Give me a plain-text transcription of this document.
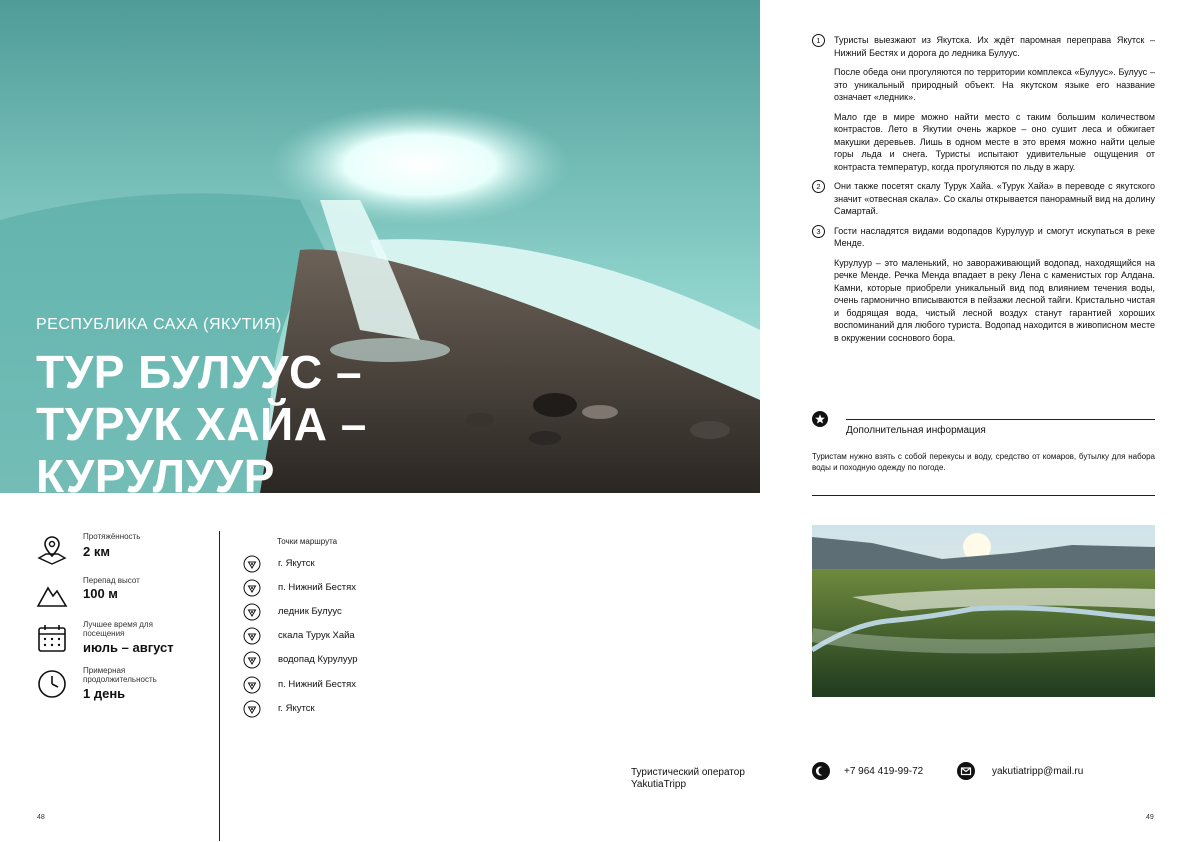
РЕСПУБЛИКА САХА (ЯКУТИЯ)
ТУР БУЛУУС –
ТУРУК ХАЙА –
КУРУЛУУР
Протяжённость
2 км
Перепад высот
100 м
Лучшее время для посещения
июль – август
Примерная продолжительность
1 день
Точки маршрута
г. Якутск
п. Нижний Бестях
ледник Булуус
скала Турук Хайа
водопад Курулуур
п. Нижний Бестях
г. Якутск
48	49
1	Туристы выезжают из Якутска. Их ждёт паромная переправа Якутск – Нижний Бестях и дорога до ледника Булуус.

После обеда они прогуляются по территории комплекса «Булуус». Булуус – это уникальный природный объект. На якутском языке его название означает «ледник».

Мало где в мире можно найти место с таким большим количеством контрастов. Лето в Якутии очень жаркое – оно сушит леса и обжигает макушки деревьев. Лишь в одном месте в это время можно найти целые горы льда и снега. Туристы испытают удивительные ощущения от контраста температур, когда прогуляются по льду в жару.

2	Они также посетят скалу Турук Хайа. «Турук Хайа» в переводе с якутского значит «отвесная скала». Со скалы открывается панорамный вид на долину Самартай.

3	Гости насладятся видами водопадов Курулуур и смогут искупаться в реке Менде.

Курулуур – это маленький, но завораживающий водопад, находящийся на речке Менде. Речка Менда впадает в реку Лена с каменистых гор Алдана. Камни, которые приобрели уникальный вид под влиянием течения воды, очень гармонично вписываются в пейзажи лесной тайги. Кристально чистая и бодрящая вода, чистый лесной воздух станут гарантией хороших воспоминаний для любого туриста. Водопад находится в живописном месте в окружении соснового бора.

Дополнительная информация
Туристам нужно взять с собой перекусы и воду, средство от комаров, бутылку для набора воды и походную одежду по погоде.
Туристический оператор
YakutiaTripp
+7 964 419-99-72	yakutiatripp@mail.ru
